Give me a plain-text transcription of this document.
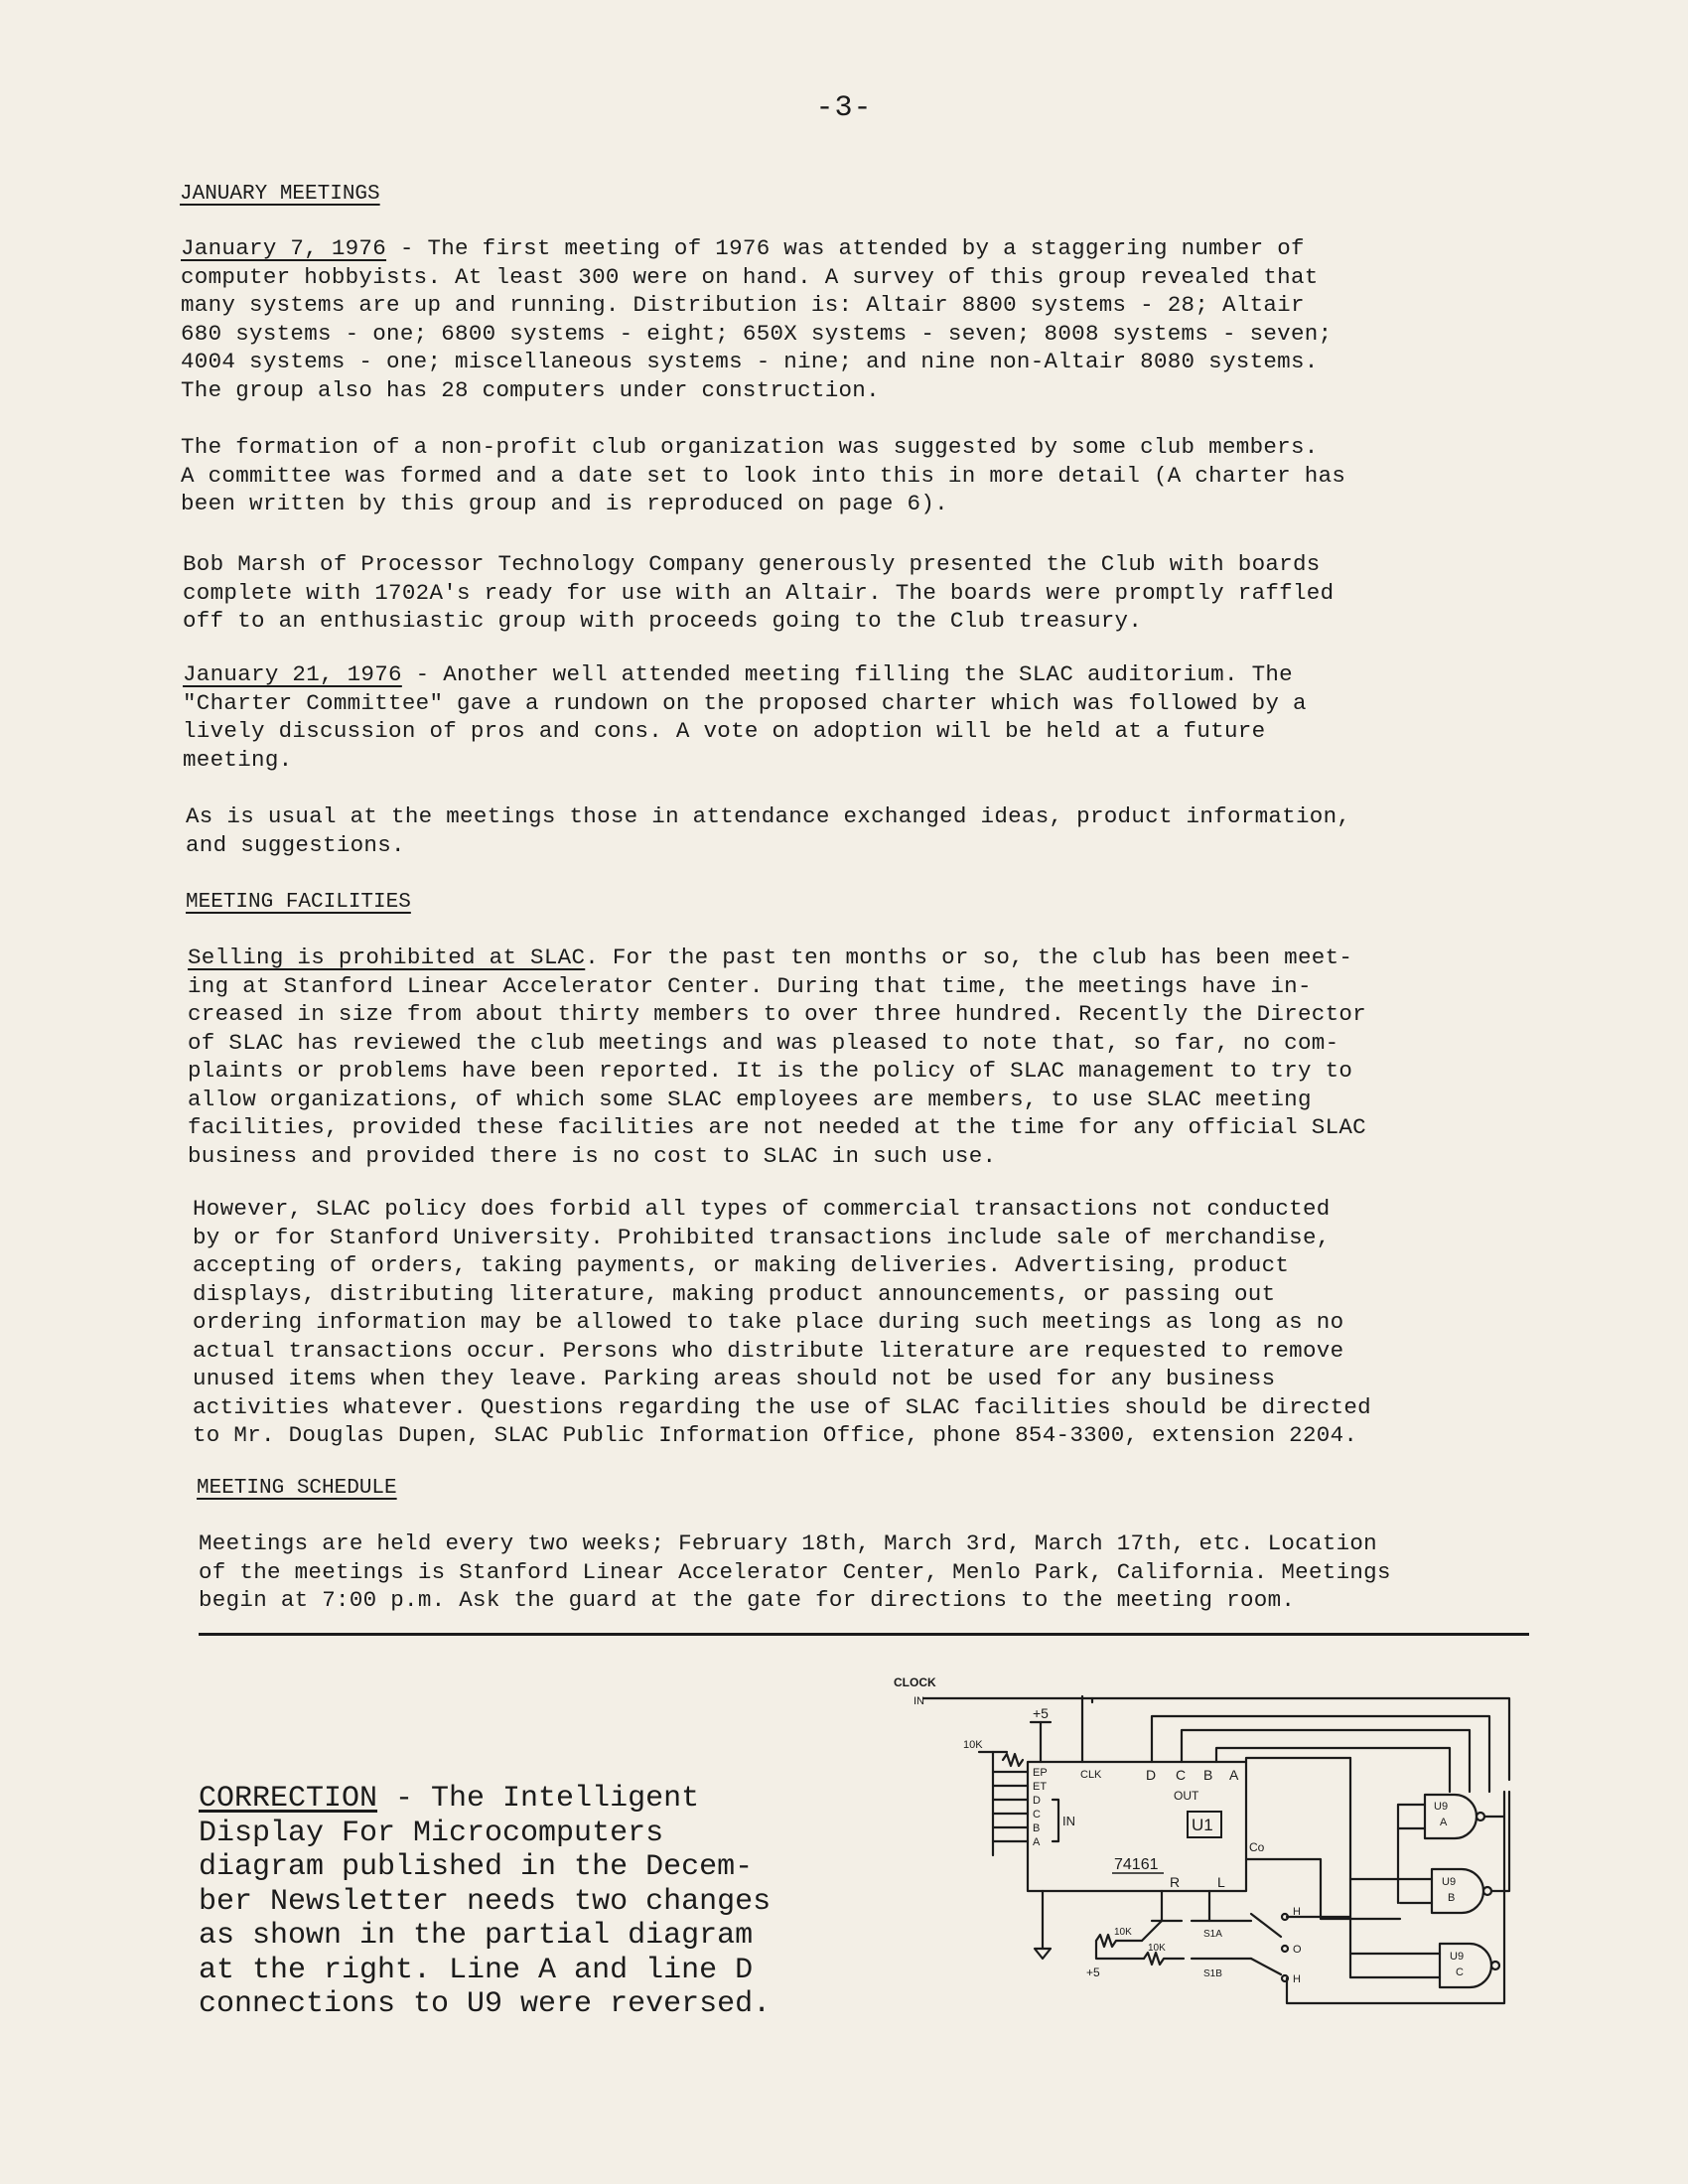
-3-
JANUARY MEETINGS
January 7, 1976 - The first meeting of 1976 was attended by a staggering number of
computer hobbyists. At least 300 were on hand. A survey of this group revealed that
many systems are up and running. Distribution is: Altair 8800 systems - 28; Altair
680 systems - one; 6800 systems - eight; 650X systems - seven; 8008 systems - seven;
4004 systems - one; miscellaneous systems - nine; and nine non-Altair 8080 systems.
The group also has 28 computers under construction.
The formation of a non-profit club organization was suggested by some club members.
A committee was formed and a date set to look into this in more detail (A charter has
been written by this group and is reproduced on page 6).
Bob Marsh of Processor Technology Company generously presented the Club with boards
complete with 1702A's ready for use with an Altair. The boards were promptly raffled
off to an enthusiastic group with proceeds going to the Club treasury.
January 21, 1976 - Another well attended meeting filling the SLAC auditorium. The
"Charter Committee" gave a rundown on the proposed charter which was followed by a
lively discussion of pros and cons. A vote on adoption will be held at a future
meeting.
As is usual at the meetings those in attendance exchanged ideas, product information,
and suggestions.
MEETING FACILITIES
Selling is prohibited at SLAC. For the past ten months or so, the club has been meet-
ing at Stanford Linear Accelerator Center. During that time, the meetings have in-
creased in size from about thirty members to over three hundred. Recently the Director
of SLAC has reviewed the club meetings and was pleased to note that, so far, no com-
plaints or problems have been reported. It is the policy of SLAC management to try to
allow organizations, of which some SLAC employees are members, to use SLAC meeting
facilities, provided these facilities are not needed at the time for any official SLAC
business and provided there is no cost to SLAC in such use.
However, SLAC policy does forbid all types of commercial transactions not conducted
by or for Stanford University. Prohibited transactions include sale of merchandise,
accepting of orders, taking payments, or making deliveries. Advertising, product
displays, distributing literature, making product announcements, or passing out
ordering information may be allowed to take place during such meetings as long as no
actual transactions occur. Persons who distribute literature are requested to remove
unused items when they leave. Parking areas should not be used for any business
activities whatever. Questions regarding the use of SLAC facilities should be directed
to Mr. Douglas Dupen, SLAC Public Information Office, phone 854-3300, extension 2204.
MEETING SCHEDULE
Meetings are held every two weeks; February 18th, March 3rd, March 17th, etc. Location
of the meetings is Stanford Linear Accelerator Center, Menlo Park, California. Meetings
begin at 7:00 p.m. Ask the guard at the gate for directions to the meeting room.
CORRECTION - The Intelligent
Display For Microcomputers
diagram published in the Decem-
ber Newsletter needs two changes
as shown in the partial diagram
at the right. Line A and line D
connections to U9 were reversed.
CLOCK
IN
+5
10K
EP
ET
D
C
B
A
IN
CLK	D C B A
OUT
U1
74161
R	L
Co
10K
10K
+5
S1A
S1B
H
O
H
U9
A
U9
B
U9
C
